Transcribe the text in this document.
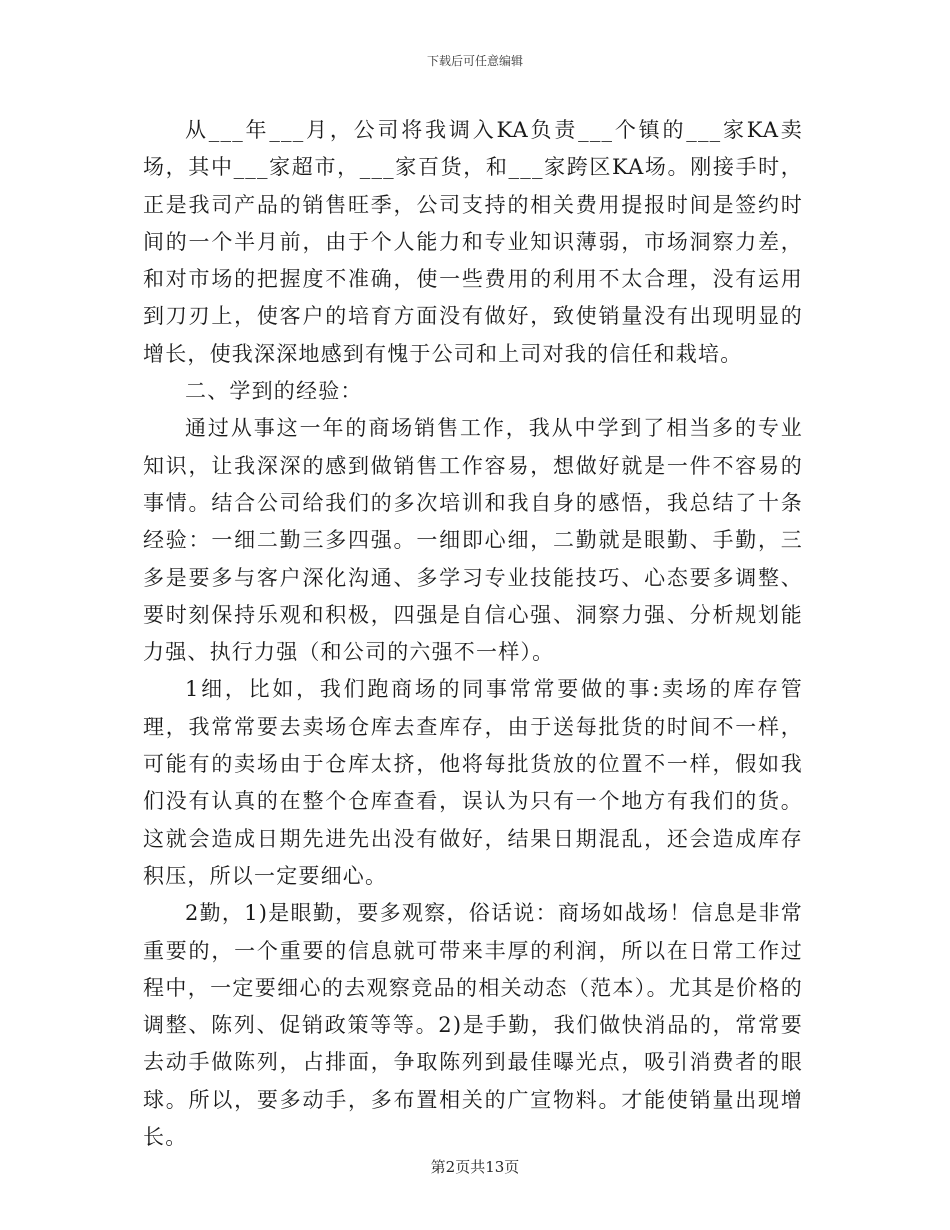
下载后可任意编辑

从___年___月，公司将我调入KA负责___个镇的___家KA卖场，其中___家超市，___家百货，和___家跨区KA场。刚接手时，正是我司产品的销售旺季，公司支持的相关费用提报时间是签约时间的一个半月前，由于个人能力和专业知识薄弱，市场洞察力差，和对市场的把握度不准确，使一些费用的利用不太合理，没有运用到刀刃上，使客户的培育方面没有做好，致使销量没有出现明显的增长，使我深深地感到有愧于公司和上司对我的信任和栽培。

二、学到的经验：

通过从事这一年的商场销售工作，我从中学到了相当多的专业知识，让我深深的感到做销售工作容易，想做好就是一件不容易的事情。结合公司给我们的多次培训和我自身的感悟，我总结了十条经验：一细二勤三多四强。一细即心细，二勤就是眼勤、手勤，三多是要多与客户深化沟通、多学习专业技能技巧、心态要多调整、要时刻保持乐观和积极，四强是自信心强、洞察力强、分析规划能力强、执行力强（和公司的六强不一样）。

1细，比如，我们跑商场的同事常常要做的事:卖场的库存管理，我常常要去卖场仓库去查库存，由于送每批货的时间不一样，可能有的卖场由于仓库太挤，他将每批货放的位置不一样，假如我们没有认真的在整个仓库查看，误认为只有一个地方有我们的货。这就会造成日期先进先出没有做好，结果日期混乱，还会造成库存积压，所以一定要细心。

2勤，1)是眼勤，要多观察，俗话说：商场如战场！信息是非常重要的，一个重要的信息就可带来丰厚的利润，所以在日常工作过程中，一定要细心的去观察竞品的相关动态（范本）。尤其是价格的调整、陈列、促销政策等等。2)是手勤，我们做快消品的，常常要去动手做陈列，占排面，争取陈列到最佳曝光点，吸引消费者的眼球。所以，要多动手，多布置相关的广宣物料。才能使销量出现增长。

第2页共13页
